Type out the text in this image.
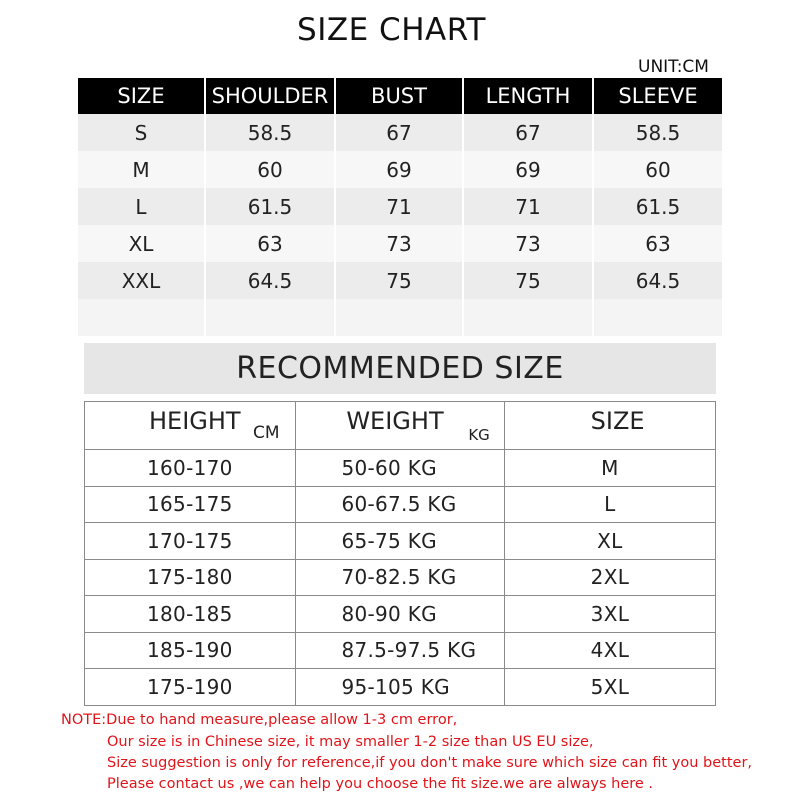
SIZE CHART
UNIT:CM
SIZE	SHOULDER	BUST	LENGTH	SLEEVE
S	58.5	67	67	58.5
M	60	69	69	60
L	61.5	71	71	61.5
XL	63	73	73	63
XXL	64.5	75	75	64.5
RECOMMENDED SIZE
HEIGHT CM	WEIGHT KG	SIZE
160-170	50-60 KG	M
165-175	60-67.5 KG	L
170-175	65-75 KG	XL
175-180	70-82.5 KG	2XL
180-185	80-90 KG	3XL
185-190	87.5-97.5 KG	4XL
175-190	95-105 KG	5XL
NOTE:Due to hand measure,please allow 1-3 cm error,
Our size is in Chinese size, it may smaller 1-2 size than US EU size,
Size suggestion is only for reference,if you don't make sure which size can fit you better,
Please contact us ,we can help you choose the fit size.we are always here .
